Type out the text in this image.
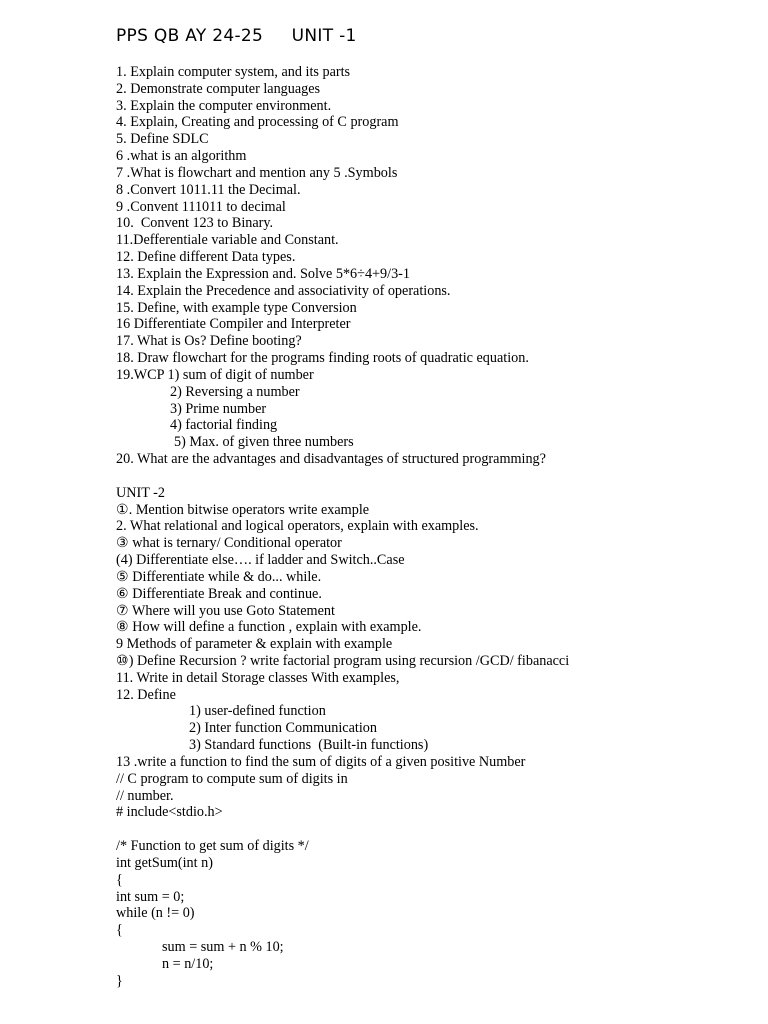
PPS QB AY 24-25     UNIT -1
1. Explain computer system, and its parts
2. Demonstrate computer languages
3. Explain the computer environment.
4. Explain, Creating and processing of C program
5. Define SDLC
6 .what is an algorithm
7 .What is flowchart and mention any 5 .Symbols
8 .Convert 1011.11 the Decimal.
9 .Convent 111011 to decimal
10.  Convent 123 to Binary.
11.Defferentiale variable and Constant.
12. Define different Data types.
13. Explain the Expression and. Solve 5*6÷4+9/3-1
14. Explain the Precedence and associativity of operations.
15. Define, with example type Conversion
16 Differentiate Compiler and Interpreter
17. What is Os? Define booting?
18. Draw flowchart for the programs finding roots of quadratic equation.
19.WCP 1) sum of digit of number
2) Reversing a number
3) Prime number
4) factorial finding
5) Max. of given three numbers
20. What are the advantages and disadvantages of structured programming?
UNIT -2
①. Mention bitwise operators write example
2. What relational and logical operators, explain with examples.
③ what is ternary/ Conditional operator
(4) Differentiate else…. if ladder and Switch..Case
⑤ Differentiate while & do... while.
⑥ Differentiate Break and continue.
⑦ Where will you use Goto Statement
⑧ How will define a function , explain with example.
9 Methods of parameter & explain with example
⑩) Define Recursion ? write factorial program using recursion /GCD/ fibanacci
11. Write in detail Storage classes With examples,
12. Define
1) user-defined function
2) Inter function Communication
3) Standard functions  (Built-in functions)
13 .write a function to find the sum of digits of a given positive Number
// C program to compute sum of digits in
// number.
# include<stdio.h>
/* Function to get sum of digits */
int getSum(int n)
{
int sum = 0;
while (n != 0)
{
sum = sum + n % 10;
n = n/10;
}
